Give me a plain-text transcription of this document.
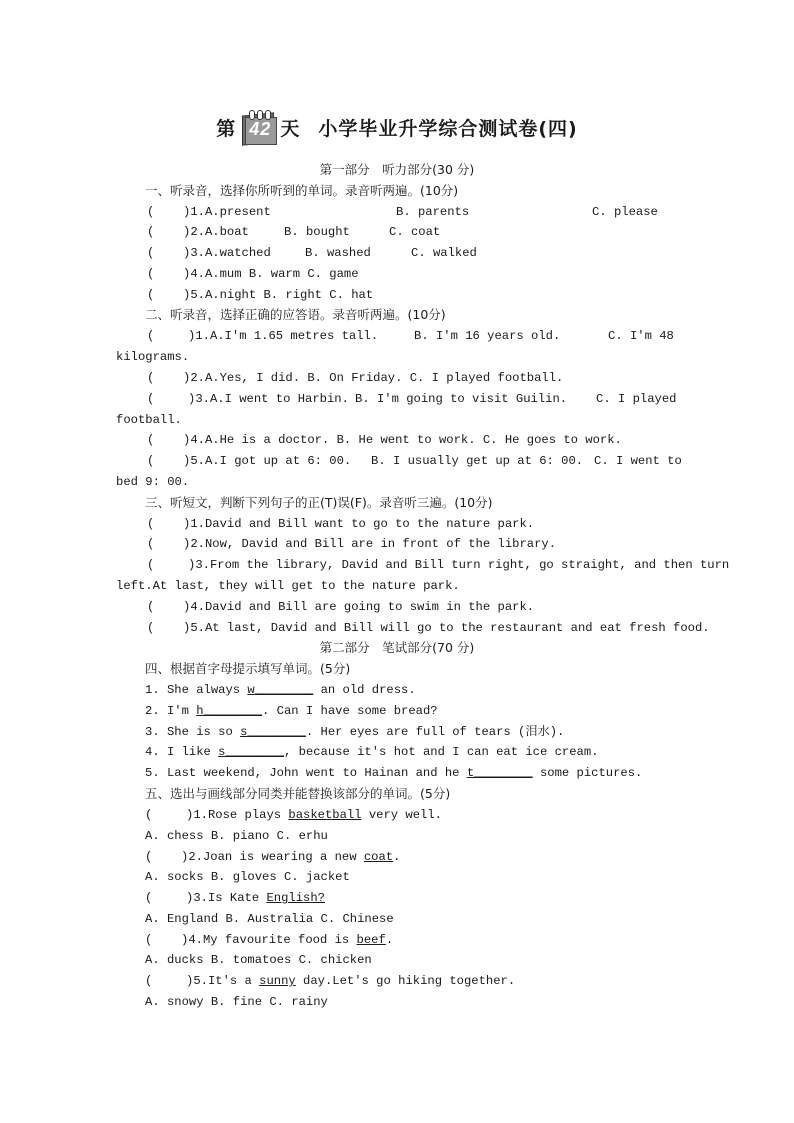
第 42 天 小学毕业升学综合测试卷(四)
第一部分　听力部分(30 分)
一、听录音，选择你所听到的单词。录音听两遍。(10分)
( )1.A.present	B. parents	C. please
( )2.A.boat	B. bought	C. coat
( )3.A.watched	B. washed	C. walked
( )4.A.mum B. warm C. game
( )5.A.night B. right C. hat
二、听录音，选择正确的应答语。录音听两遍。(10分)
(	)1.A.I'm 1.65 metres tall.	B. I'm 16 years old.	C. I'm 48
kilograms.
( )2.A.Yes, I did. B. On Friday. C. I played football.
(	)3.A.I went to Harbin. B. I'm going to visit Guilin. C. I played
football.
( )4.A.He is a doctor. B. He went to work. C. He goes to work.
( )5.A.I got up at 6: 00. B. I usually get up at 6: 00. C. I went to
bed 9: 00.
三、听短文，判断下列句子的正(T)误(F)。录音听三遍。(10分)
( )1.David and Bill want to go to the nature park.
( )2.Now, David and Bill are in front of the library.
(	)3.From the library, David and Bill turn right, go straight, and then turn
left.At last, they will get to the nature park.
( )4.David and Bill are going to swim in the park.
( )5.At last, David and Bill will go to the restaurant and eat fresh food.
第二部分　笔试部分(70 分)
四、根据首字母提示填写单词。(5分)
1. She always w________ an old dress.
2. I'm h________. Can I have some bread?
3. She is so s________. Her eyes are full of tears (泪水).
4. I like s________, because it's hot and I can eat ice cream.
5. Last weekend, John went to Hainan and he t________ some pictures.
五、选出与画线部分同类并能替换该部分的单词。(5分)
(	)1.Rose plays basketball very well.
A. chess B. piano C. erhu
( )2.Joan is wearing a new coat.
A. socks B. gloves C. jacket
(	)3.Is Kate English?
A. England B. Australia C. Chinese
( )4.My favourite food is beef.
A. ducks B. tomatoes C. chicken
(	)5.It's a sunny day.Let's go hiking together.
A. snowy B. fine C. rainy
